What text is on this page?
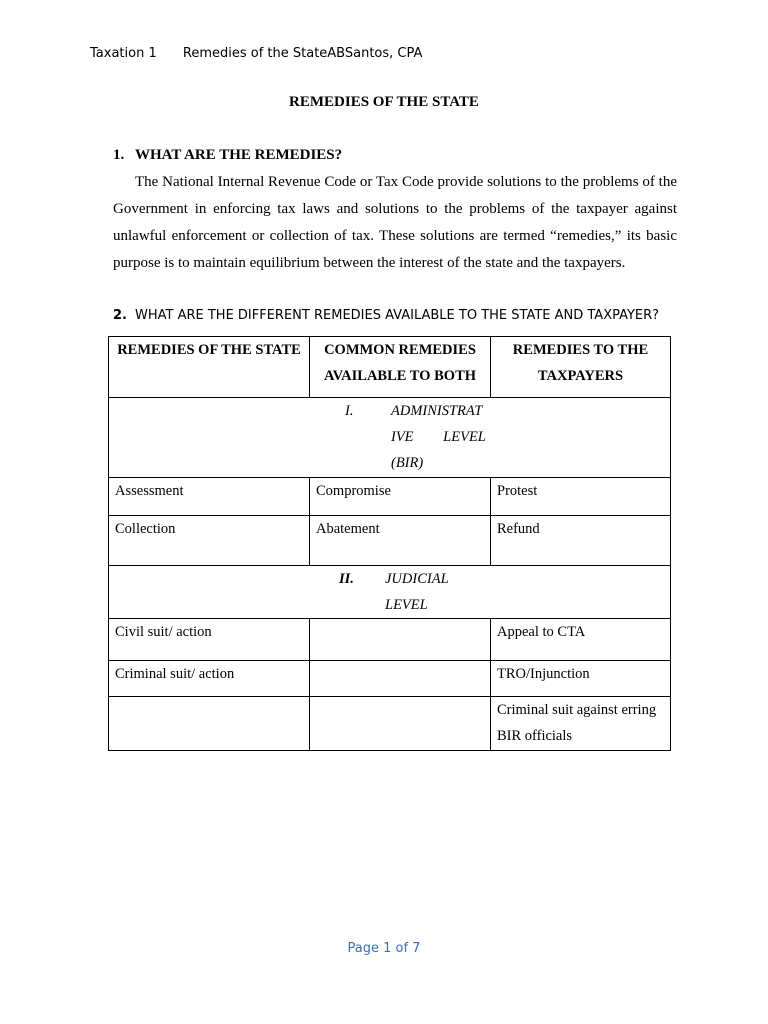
Taxation 1 Remedies of the StateABSantos, CPA
REMEDIES OF THE STATE
1. WHAT ARE THE REMEDIES?

The National Internal Revenue Code or Tax Code provide solutions to the problems of the Government in enforcing tax laws and solutions to the problems of the taxpayer against unlawful enforcement or collection of tax. These solutions are termed “remedies,” its basic purpose is to maintain equilibrium between the interest of the state and the taxpayers.

2. WHAT ARE THE DIFFERENT REMEDIES AVAILABLE TO THE STATE AND TAXPAYER?
REMEDIES OF THE STATE	COMMON REMEDIES AVAILABLE TO BOTH	REMEDIES TO THE TAXPAYERS

I. ADMINISTRAT
IVE LEVEL
(BIR)		

Assessment	Compromise	Protest
Collection	Abatement	Refund

II. JUDICIAL
LEVEL		

Civil suit/ action		Appeal to CTA
Criminal suit/ action		TRO/Injunction
		Criminal suit against erring BIR officials
Page 1 of 7
